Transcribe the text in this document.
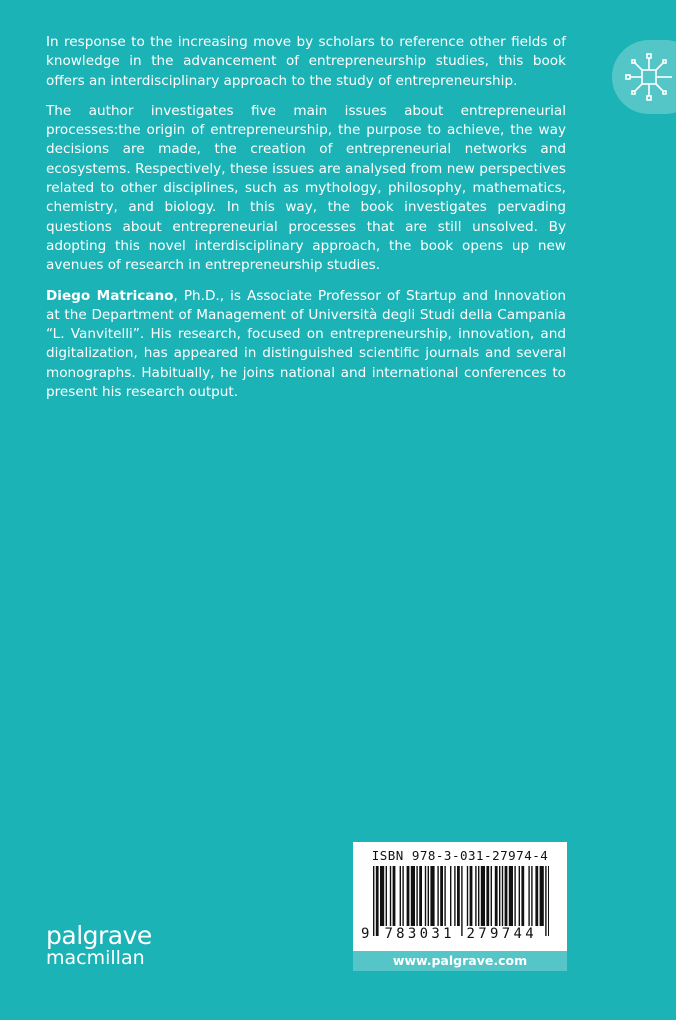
In response to the increasing move by scholars to reference other fields of knowledge in the advancement of entrepreneurship studies, this book offers an interdisciplinary approach to the study of entrepreneurship.

The author investigates five main issues about entrepreneurial processes:the origin of entrepreneurship, the purpose to achieve, the way decisions are made, the creation of entrepreneurial networks and ecosystems. Respectively, these issues are analysed from new perspectives related to other disciplines, such as mythology, philosophy, mathematics, chemistry, and biology. In this way, the book investigates pervading questions about entrepreneurial processes that are still unsolved. By adopting this novel interdisciplinary approach, the book opens up new avenues of research in entrepreneurship studies.

Diego Matricano, Ph.D., is Associate Professor of Startup and Innovation at the Department of Management of Università degli Studi della Campania “L. Vanvitelli”. His research, focused on entrepreneurship, innovation, and digitalization, has appeared in distinguished scientific journals and several monographs. Habitually, he joins national and international conferences to present his research output.

ISBN 978-3-031-27974-4
9 783031 279744
www.palgrave.com
palgrave
macmillan
